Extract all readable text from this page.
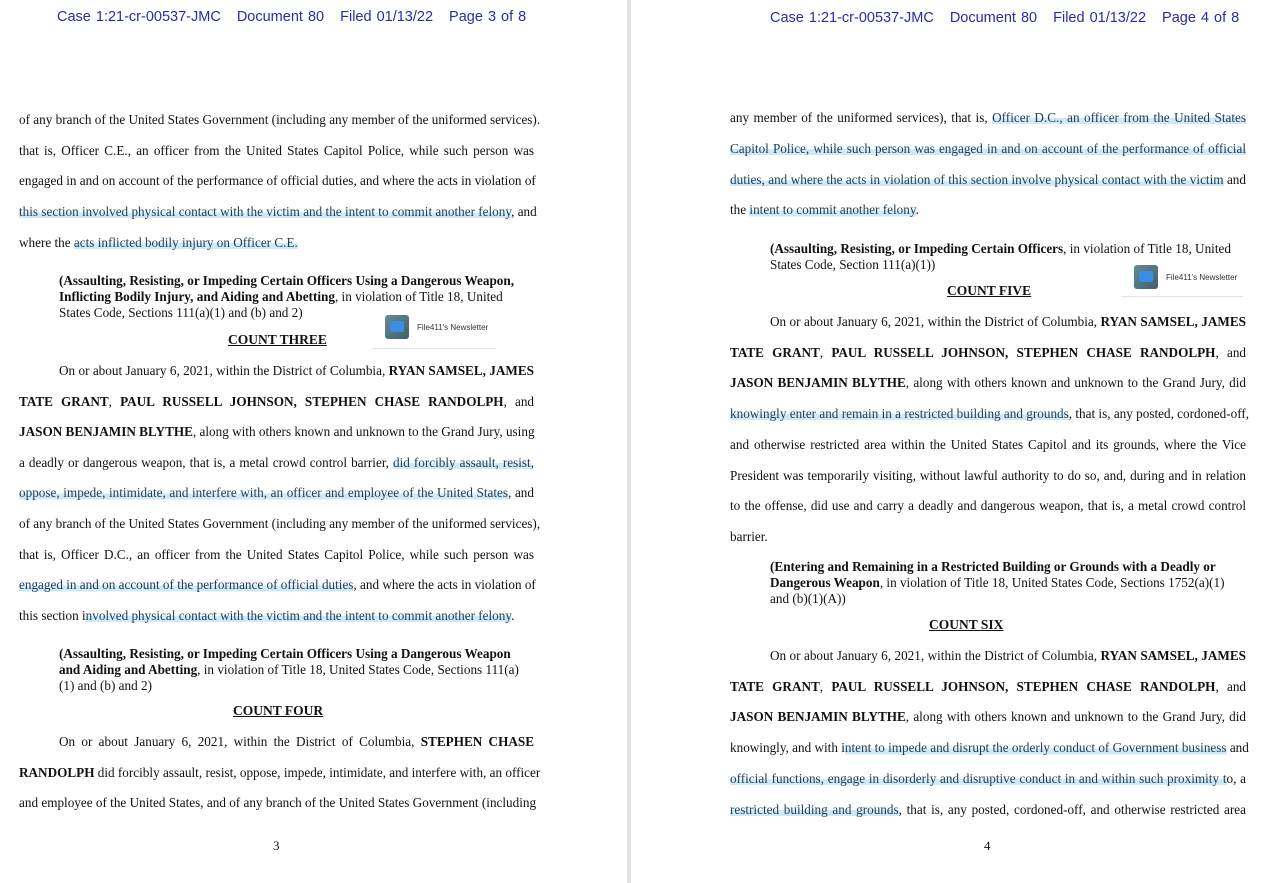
Case 1:21-cr-00537-JMC Document 80 Filed 01/13/22 Page 3 of 8
of any branch of the United States Government (including any member of the uniformed services).
that is, Officer C.E., an officer from the United States Capitol Police, while such person was
engaged in and on account of the performance of official duties, and where the acts in violation of
this section involved physical contact with the victim and the intent to commit another felony, and
where the acts inflicted bodily injury on Officer C.E.
(Assaulting, Resisting, or Impeding Certain Officers Using a Dangerous Weapon, Inflicting Bodily Injury, and Aiding and Abetting, in violation of Title 18, United States Code, Sections 111(a)(1) and (b) and 2)
COUNT THREE
File411's Newsletter
On or about January 6, 2021, within the District of Columbia, RYAN SAMSEL, JAMES
TATE GRANT, PAUL RUSSELL JOHNSON, STEPHEN CHASE RANDOLPH, and
JASON BENJAMIN BLYTHE, along with others known and unknown to the Grand Jury, using
a deadly or dangerous weapon, that is, a metal crowd control barrier, did forcibly assault, resist,
oppose, impede, intimidate, and interfere with, an officer and employee of the United States, and
of any branch of the United States Government (including any member of the uniformed services),
that is, Officer D.C., an officer from the United States Capitol Police, while such person was
engaged in and on account of the performance of official duties, and where the acts in violation of
this section involved physical contact with the victim and the intent to commit another felony.
(Assaulting, Resisting, or Impeding Certain Officers Using a Dangerous Weapon and Aiding and Abetting, in violation of Title 18, United States Code, Sections 111(a)(1) and (b) and 2)
COUNT FOUR
On or about January 6, 2021, within the District of Columbia, STEPHEN CHASE
RANDOLPH did forcibly assault, resist, oppose, impede, intimidate, and interfere with, an officer
and employee of the United States, and of any branch of the United States Government (including
3
Case 1:21-cr-00537-JMC Document 80 Filed 01/13/22 Page 4 of 8
any member of the uniformed services), that is, Officer D.C., an officer from the United States
Capitol Police, while such person was engaged in and on account of the performance of official
duties, and where the acts in violation of this section involve physical contact with the victim and
the intent to commit another felony.
(Assaulting, Resisting, or Impeding Certain Officers, in violation of Title 18, United States Code, Section 111(a)(1))
COUNT FIVE
File411's Newsletter
On or about January 6, 2021, within the District of Columbia, RYAN SAMSEL, JAMES
TATE GRANT, PAUL RUSSELL JOHNSON, STEPHEN CHASE RANDOLPH, and
JASON BENJAMIN BLYTHE, along with others known and unknown to the Grand Jury, did
knowingly enter and remain in a restricted building and grounds, that is, any posted, cordoned-off,
and otherwise restricted area within the United States Capitol and its grounds, where the Vice
President was temporarily visiting, without lawful authority to do so, and, during and in relation
to the offense, did use and carry a deadly and dangerous weapon, that is, a metal crowd control
barrier.
(Entering and Remaining in a Restricted Building or Grounds with a Deadly or Dangerous Weapon, in violation of Title 18, United States Code, Sections 1752(a)(1) and (b)(1)(A))
COUNT SIX
On or about January 6, 2021, within the District of Columbia, RYAN SAMSEL, JAMES
TATE GRANT, PAUL RUSSELL JOHNSON, STEPHEN CHASE RANDOLPH, and
JASON BENJAMIN BLYTHE, along with others known and unknown to the Grand Jury, did
knowingly, and with intent to impede and disrupt the orderly conduct of Government business and
official functions, engage in disorderly and disruptive conduct in and within such proximity to, a
restricted building and grounds, that is, any posted, cordoned-off, and otherwise restricted area
4
